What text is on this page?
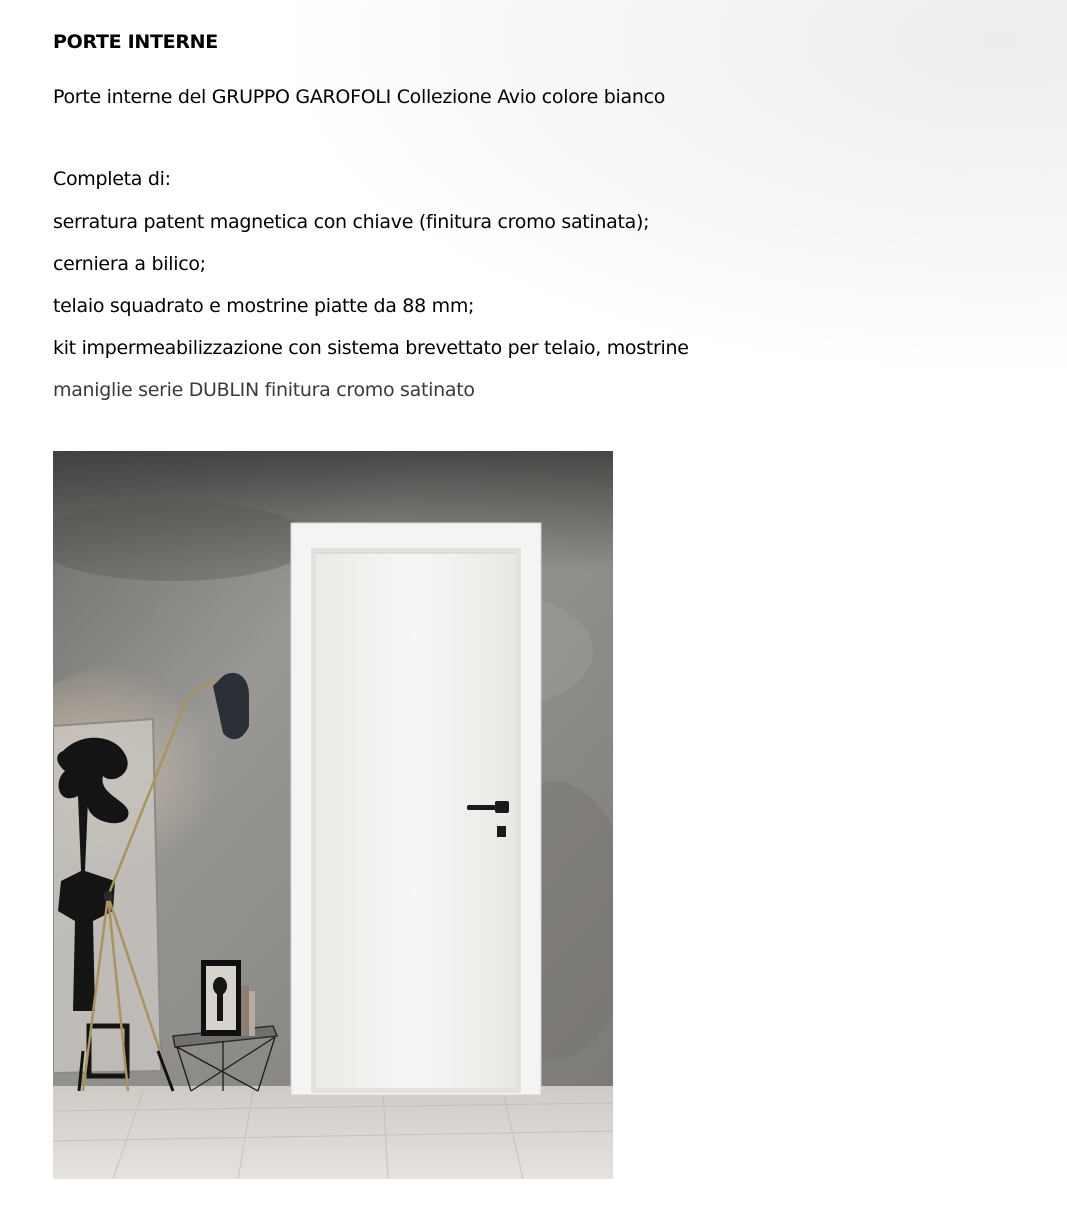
PORTE INTERNE
Porte interne del GRUPPO GAROFOLI Collezione Avio colore bianco
Completa di:
serratura patent magnetica con chiave (finitura cromo satinata);
cerniera a bilico;
telaio squadrato e mostrine piatte da 88 mm;
kit impermeabilizzazione con sistema brevettato per telaio, mostrine
maniglie serie DUBLIN finitura cromo satinato
